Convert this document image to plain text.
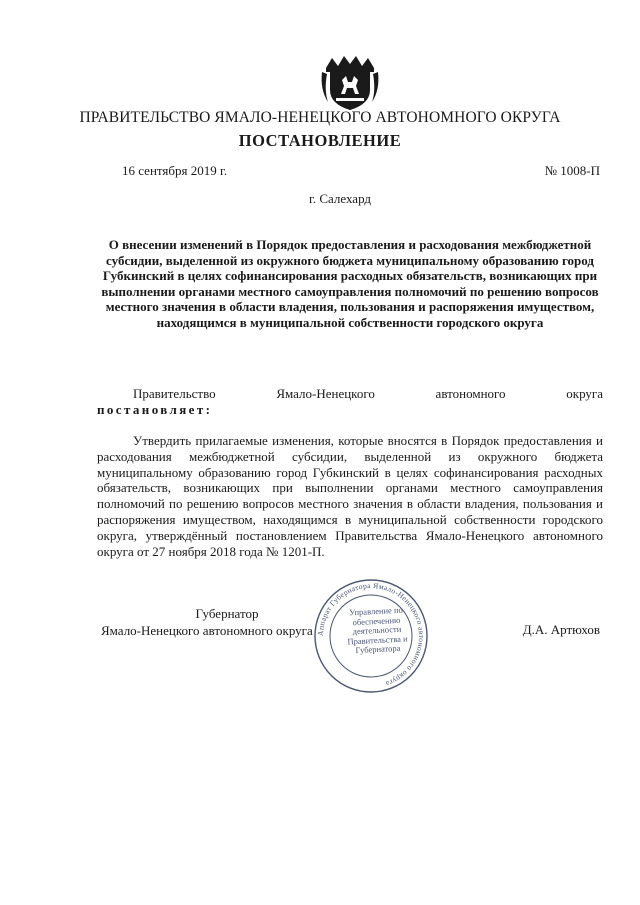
ПРАВИТЕЛЬСТВО ЯМАЛО-НЕНЕЦКОГО АВТОНОМНОГО ОКРУГА
ПОСТАНОВЛЕНИЕ
16 сентября 2019 г.	№ 1008-П
г. Салехард
О внесении изменений в Порядок предоставления и расходования межбюджетной субсидии, выделенной из окружного бюджета муниципальному образованию город Губкинский в целях софинансирования расходных обязательств, возникающих при выполнении органами местного самоуправления полномочий по решению вопросов местного значения в области владения, пользования и распоряжения имуществом, находящимся в муниципальной собственности городского округа
Правительство	Ямало-Ненецкого	автономного	округа
постановляет:
Утвердить прилагаемые изменения, которые вносятся в Порядок предоставления и расходования межбюджетной субсидии, выделенной из окружного бюджета муниципальному образованию город Губкинский в целях софинансирования расходных обязательств, возникающих при выполнении органами местного самоуправления полномочий по решению вопросов местного значения в области владения, пользования и распоряжения имуществом, находящимся в муниципальной собственности городского округа, утверждённый постановлением Правительства Ямало-Ненецкого автономного округа от 27 ноября 2018 года № 1201-П.
Губернатор
Ямало-Ненецкого автономного округа	Д.А. Артюхов
Аппарат Губернатора Ямало-Ненецкого автономного округа
Управление по обеспечению деятельности Правительства и Губернатора
